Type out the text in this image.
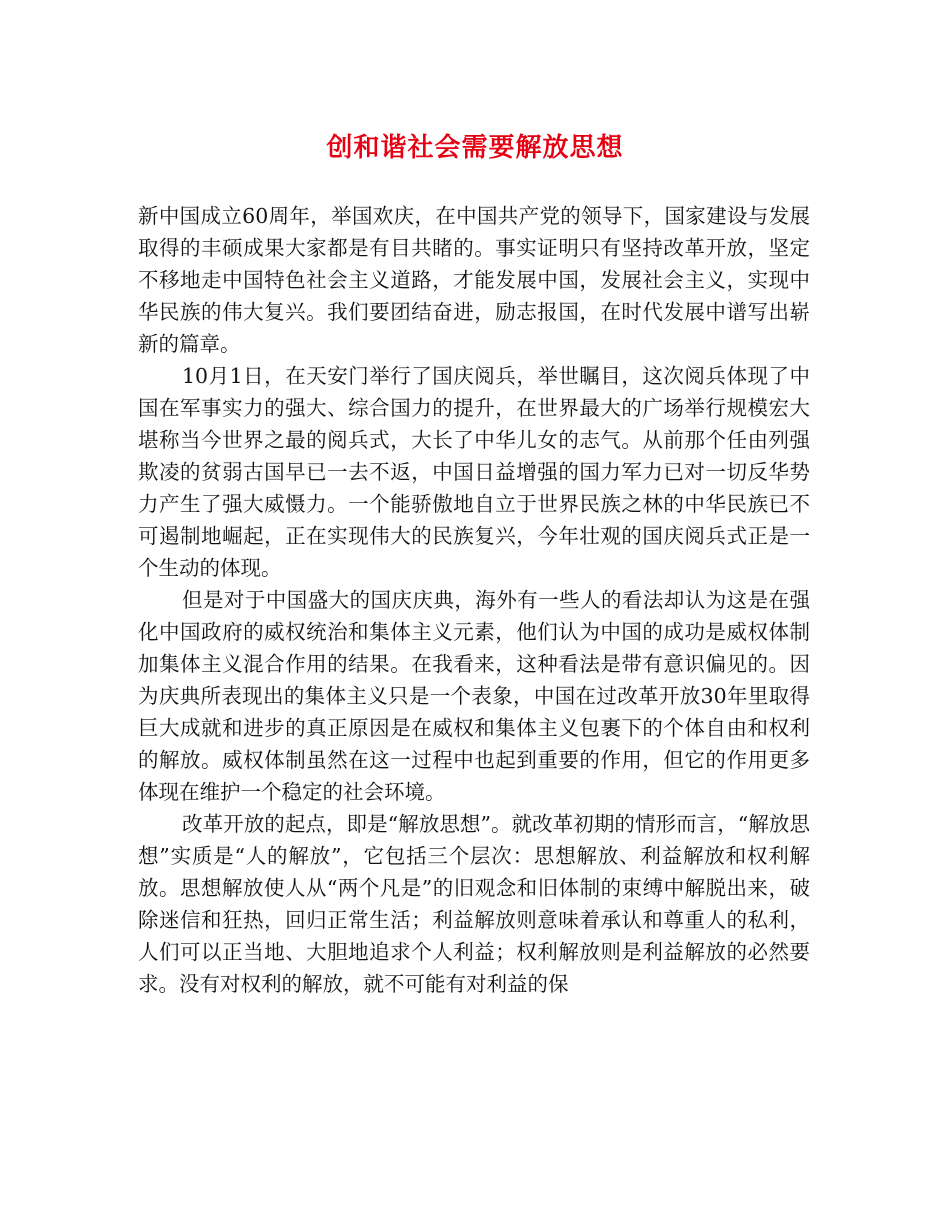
创和谐社会需要解放思想

新中国成立60周年，举国欢庆，在中国共产党的领导下，国家建设与发展取得的丰硕成果大家都是有目共睹的。事实证明只有坚持改革开放，坚定不移地走中国特色社会主义道路，才能发展中国，发展社会主义，实现中华民族的伟大复兴。我们要团结奋进，励志报国，在时代发展中谱写出崭新的篇章。

10月1日，在天安门举行了国庆阅兵，举世瞩目，这次阅兵体现了中国在军事实力的强大、综合国力的提升，在世界最大的广场举行规模宏大堪称当今世界之最的阅兵式，大长了中华儿女的志气。从前那个任由列强欺凌的贫弱古国早已一去不返，中国日益增强的国力军力已对一切反华势力产生了强大威慑力。一个能骄傲地自立于世界民族之林的中华民族已不可遏制地崛起，正在实现伟大的民族复兴，今年壮观的国庆阅兵式正是一个生动的体现。

但是对于中国盛大的国庆庆典，海外有一些人的看法却认为这是在强化中国政府的威权统治和集体主义元素，他们认为中国的成功是威权体制加集体主义混合作用的结果。在我看来，这种看法是带有意识偏见的。因为庆典所表现出的集体主义只是一个表象，中国在过改革开放30年里取得巨大成就和进步的真正原因是在威权和集体主义包裹下的个体自由和权利的解放。威权体制虽然在这一过程中也起到重要的作用，但它的作用更多体现在维护一个稳定的社会环境。

改革开放的起点，即是“解放思想”。就改革初期的情形而言，“解放思想”实质是“人的解放”，它包括三个层次：思想解放、利益解放和权利解放。思想解放使人从“两个凡是”的旧观念和旧体制的束缚中解脱出来，破除迷信和狂热，回归正常生活；利益解放则意味着承认和尊重人的私利，人们可以正当地、大胆地追求个人利益；权利解放则是利益解放的必然要求。没有对权利的解放，就不可能有对利益的保
